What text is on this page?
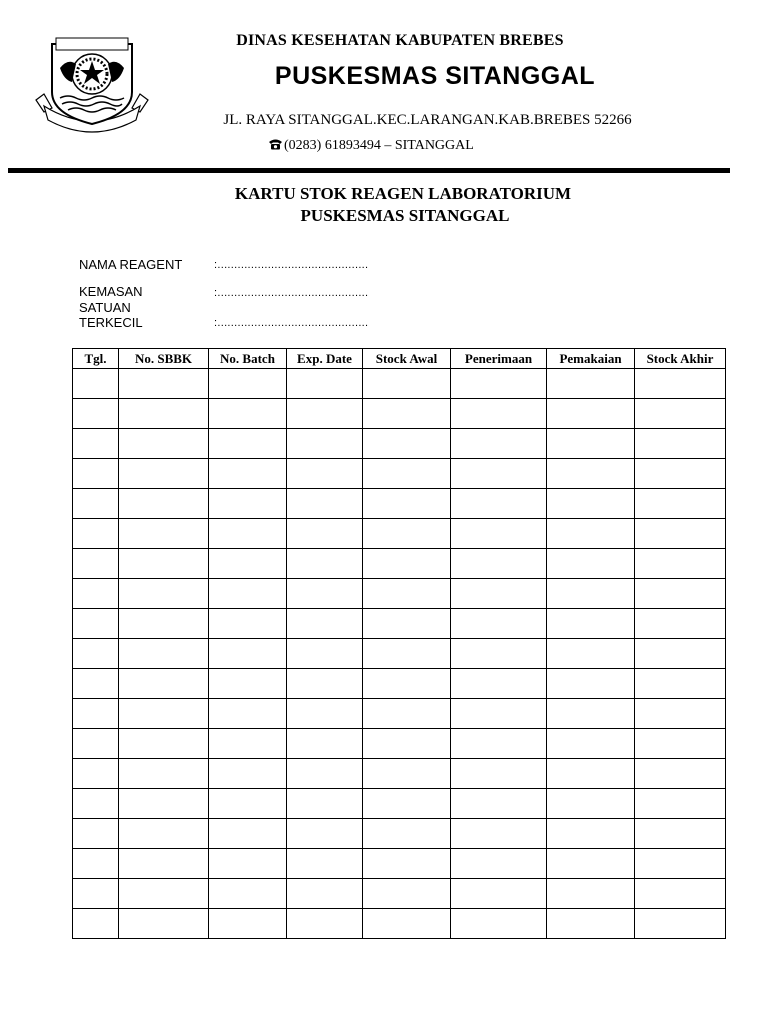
DINAS KESEHATAN KABUPATEN BREBES
PUSKESMAS SITANGGAL
JL. RAYA SITANGGAL.KEC.LARANGAN.KAB.BREBES 52266
(0283) 61893494 – SITANGGAL
KARTU STOK REAGEN LABORATORIUM
PUSKESMAS SITANGGAL
NAMA REAGENT	:.............................................
KEMASAN	:.............................................
SATUAN
TERKECIL	:.............................................
Tgl.	No. SBBK	No. Batch	Exp. Date	Stock Awal	Penerimaan	Pemakaian	Stock Akhir
